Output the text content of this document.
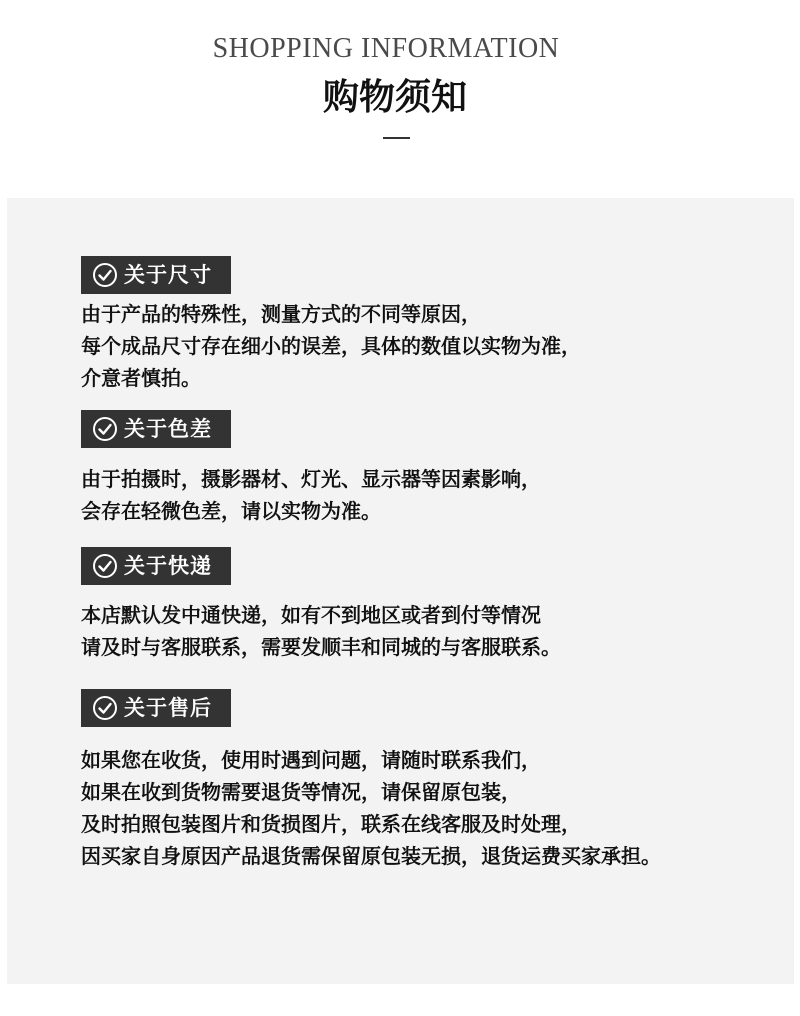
SHOPPING INFORMATION
购物须知
关于尺寸
由于产品的特殊性，测量方式的不同等原因，
每个成品尺寸存在细小的误差，具体的数值以实物为准，
介意者慎拍。
关于色差
由于拍摄时，摄影器材、灯光、显示器等因素影响，
会存在轻微色差，请以实物为准。
关于快递
本店默认发中通快递，如有不到地区或者到付等情况
请及时与客服联系，需要发顺丰和同城的与客服联系。
关于售后
如果您在收货，使用时遇到问题，请随时联系我们，
如果在收到货物需要退货等情况，请保留原包装，
及时拍照包装图片和货损图片，联系在线客服及时处理，
因买家自身原因产品退货需保留原包装无损，退货运费买家承担。
